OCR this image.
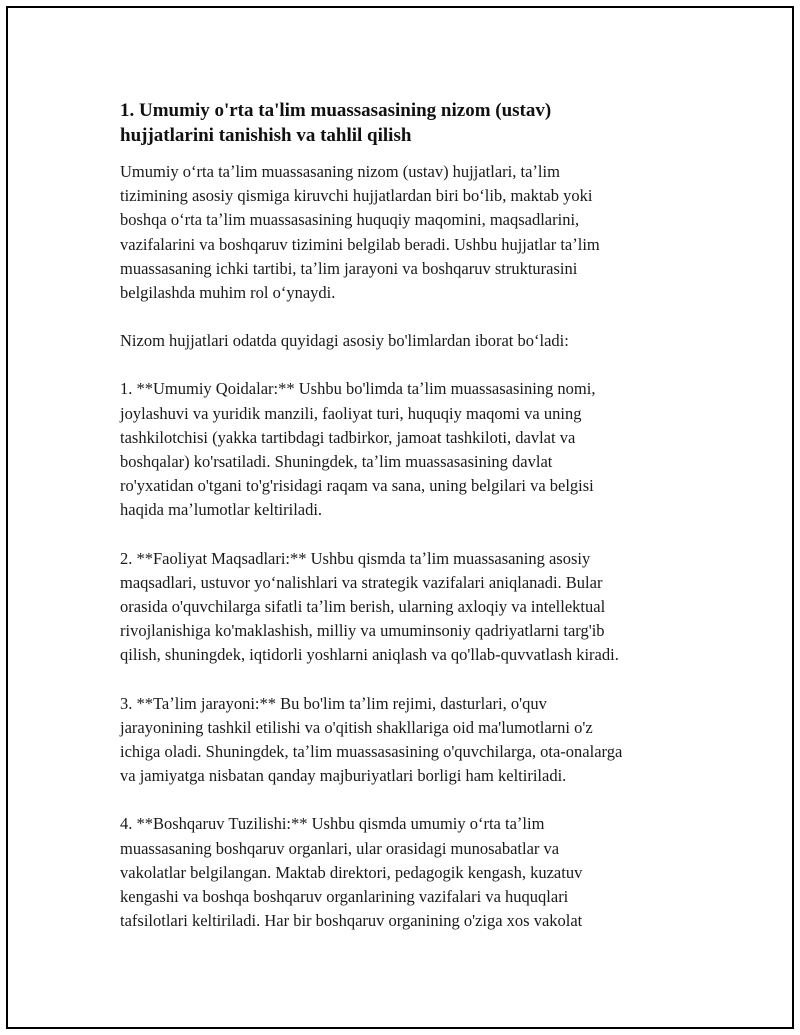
1. Umumiy o'rta ta'lim muassasasining nizom (ustav)
hujjatlarini tanishish va tahlil qilish
Umumiy oʻrta taʼlim muassasaning nizom (ustav) hujjatlari, taʼlim
tizimining asosiy qismiga kiruvchi hujjatlardan biri boʻlib, maktab yoki
boshqa oʻrta taʼlim muassasasining huquqiy maqomini, maqsadlarini,
vazifalarini va boshqaruv tizimini belgilab beradi. Ushbu hujjatlar taʼlim
muassasaning ichki tartibi, taʼlim jarayoni va boshqaruv strukturasini
belgilashda muhim rol oʻynaydi.
Nizom hujjatlari odatda quyidagi asosiy bo'limlardan iborat boʻladi:
1. **Umumiy Qoidalar:** Ushbu bo'limda taʼlim muassasasining nomi,
joylashuvi va yuridik manzili, faoliyat turi, huquqiy maqomi va uning
tashkilotchisi (yakka tartibdagi tadbirkor, jamoat tashkiloti, davlat va
boshqalar) ko'rsatiladi. Shuningdek, taʼlim muassasasining davlat
ro'yxatidan o'tgani to'g'risidagi raqam va sana, uning belgilari va belgisi
haqida maʼlumotlar keltiriladi.
2. **Faoliyat Maqsadlari:** Ushbu qismda taʼlim muassasaning asosiy
maqsadlari, ustuvor yoʻnalishlari va strategik vazifalari aniqlanadi. Bular
orasida o'quvchilarga sifatli taʼlim berish, ularning axloqiy va intellektual
rivojlanishiga ko'maklashish, milliy va umuminsoniy qadriyatlarni targ'ib
qilish, shuningdek, iqtidorli yoshlarni aniqlash va qo'llab-quvvatlash kiradi.
3. **Taʼlim jarayoni:** Bu bo'lim taʼlim rejimi, dasturlari, o'quv
jarayonining tashkil etilishi va o'qitish shakllariga oid ma'lumotlarni o'z
ichiga oladi. Shuningdek, taʼlim muassasasining o'quvchilarga, ota-onalarga
va jamiyatga nisbatan qanday majburiyatlari borligi ham keltiriladi.
4. **Boshqaruv Tuzilishi:** Ushbu qismda umumiy oʻrta taʼlim
muassasaning boshqaruv organlari, ular orasidagi munosabatlar va
vakolatlar belgilangan. Maktab direktori, pedagogik kengash, kuzatuv
kengashi va boshqa boshqaruv organlarining vazifalari va huquqlari
tafsilotlari keltiriladi. Har bir boshqaruv organining o'ziga xos vakolat
